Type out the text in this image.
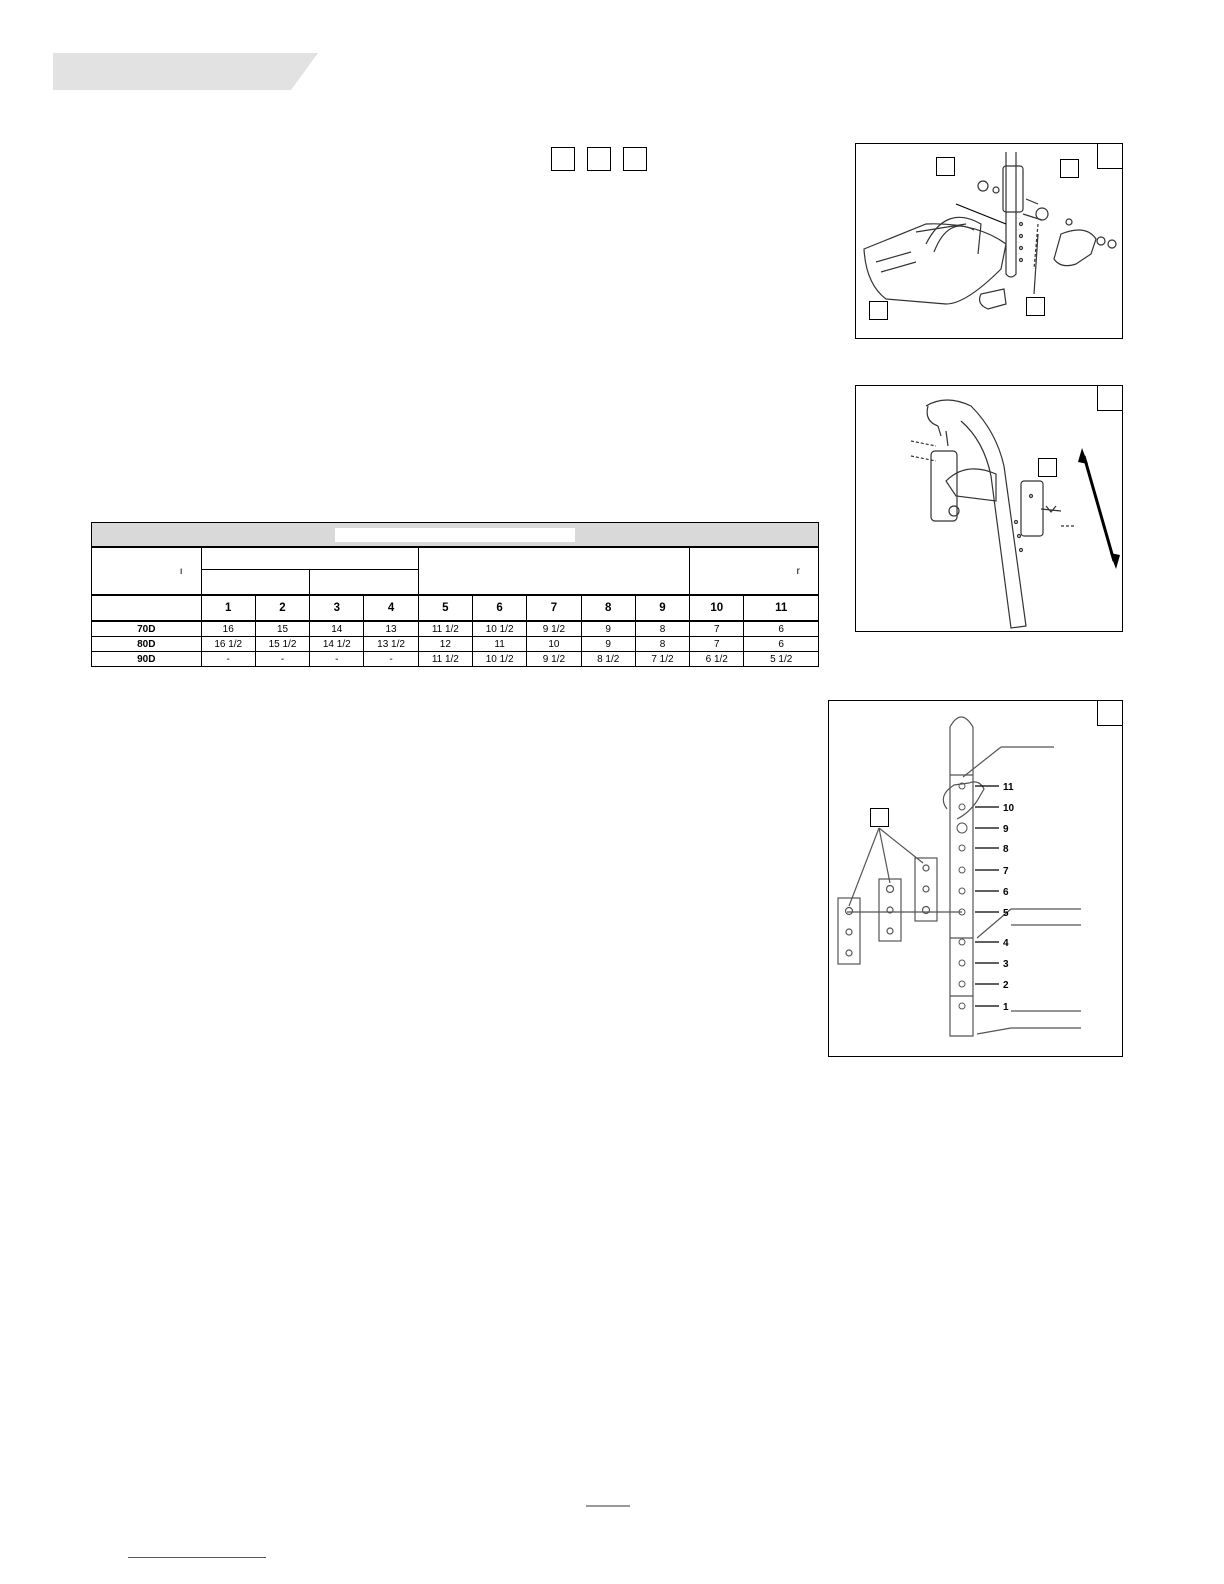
ı										r	

	1	2	3	4	5	6	7	8	9	10	11
70D	16	15	14	13	11 1/2	10 1/2	9 1/2	9	8	7	6
80D	16 1/2	15 1/2	14 1/2	13 1/2	12	11	10	9	8	7	6
90D	-	-	-	-	11 1/2	10 1/2	9 1/2	8 1/2	7 1/2	6 1/2	5 1/2
11
10
9
8
7
6
5
4
3
2
1
